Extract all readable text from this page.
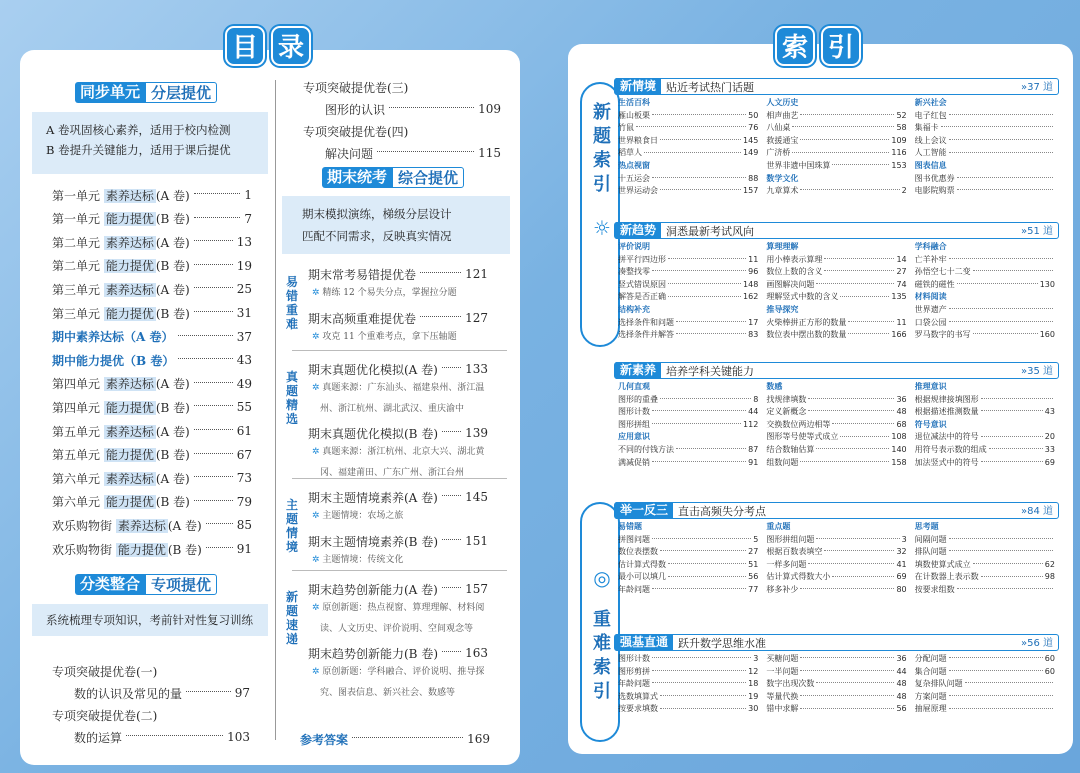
目 录
同步单元 分层提优
A 卷巩固核心素养，适用于校内检测
B 卷提升关键能力，适用于课后提优
第一单元 素养达标 (A 卷)	1
第一单元 能力提优 (B 卷)	7
第二单元 素养达标 (A 卷)	13
第二单元 能力提优 (B 卷)	19
第三单元 素养达标 (A 卷)	25
第三单元 能力提优 (B 卷)	31
期中素养达标（A 卷）	37
期中能力提优（B 卷）	43
第四单元 素养达标 (A 卷)	49
第四单元 能力提优 (B 卷)	55
第五单元 素养达标 (A 卷)	61
第五单元 能力提优 (B 卷)	67
第六单元 素养达标 (A 卷)	73
第六单元 能力提优 (B 卷)	79
欢乐购物街 素养达标 (A 卷)	85
欢乐购物街 能力提优 (B 卷)	91
分类整合 专项提优
系统梳理专项知识，考前针对性复习训练
专项突破提优卷(一)
数的认识及常见的量	97
专项突破提优卷(二)
数的运算	103
专项突破提优卷(三)
图形的认识	109
专项突破提优卷(四)
解决问题	115
期末统考 综合提优
期末模拟演练，梯级分层设计
匹配不同需求，反映真实情况
易
错
重
难
期末常考易错提优卷	121
✲ 精练 12 个易失分点，掌握拉分题
期末高频重难提优卷	127
✲ 攻克 11 个重难考点，拿下压轴题
真
题
精
选
期末真题优化模拟(A 卷) 133
✲ 真题来源：广东汕头、福建泉州、浙江温
州、浙江杭州、湖北武汉、重庆渝中
期末真题优化模拟(B 卷) 139
✲ 真题来源：浙江杭州、北京大兴、湖北黄
冈、福建莆田、广东广州、浙江台州
主
题
情
境
期末主题情境素养(A 卷) 145
✲ 主题情境：农场之旅
期末主题情境素养(B 卷) 151
✲ 主题情境：传统文化
新
题
速
递
期末趋势创新能力(A 卷) 157
✲ 原创新题：热点视窗、算理理解、材料阅
读、人文历史、评价说明、空间观念等
期末趋势创新能力(B 卷) 163
✲ 原创新题：学科融合、评价说明、推导探
究、图表信息、新兴社会、数感等
参考答案	169
索 引
☼
新
题
索
引
◎
重
难
索
引
新情境 贴近考试热门话题	»37 道
生活百科
雁山板栗	50
竹鼠	76
世界粮食日	145
稻草人	149
热点视窗
十五运会	88
世界运动会	157
人文历史
相声曲艺	52
八仙桌	58
救援通宝	109
广济桥	116
世界非遗中国珠算	153
数学文化
九章算术	2
新兴社会
电子红包
集福卡
线上会议
人工智能
图表信息
图书优惠券
电影院购票
新趋势 洞悉最新考试风向	»51 道
评价说明
拼平行四边形	11
凑整找零	96
竖式错误原因	148
解答是否正确	162
结构补充
选择条件和问题	17
选择条件并解答	83
算理理解
用小棒表示算理	14
数位上数的含义	27
画图解决问题	74
理解竖式中数的含义	135
推导探究
火柴棒拼正方形的数量	11
数位表中摆出数的数量	166
学科融合
亡羊补牢
孙悟空七十二变
磁铁的磁性	130
材料阅读
世界遗产
口袋公园
罗马数字的书写	160
新素养 培养学科关键能力	»35 道
几何直观
图形的重叠	8
图形计数	44
图形拼组	112
应用意识
不同的付钱方法	87
满减促销	91
数感
找规律填数	36
定义新概念	48
交换数位两边相等	68
图形等号使等式成立	108
结合数轴估算	140
组数问题	158
推理意识
根据规律接填图形
根据描述推测数量	43
符号意识
退位减法中的符号	20
用符号表示数的组成	33
加法竖式中的符号	69
举一反三 直击高频失分考点	»84 道
易错题
拼图问题	5
数位表摆数	27
估计算式得数	51
最小可以填几	56
年龄问题	77
重点题
图形拼组问题	3
根据百数表填空	32
一样多问题	41
估计算式得数大小	69
移多补少	80
思考题
间隔问题
排队问题
填数使算式成立	62
在计数器上表示数	98
按要求组数
强基直通 跃升数学思维水准	»56 道
图形计数	3
图形剪拼	12
年龄问题	18
选数填算式	19
按要求填数	30
买糖问题	36
一半问题	44
数字出现次数	48
等量代换	48
错中求解	56
分配问题	60
集合问题	60
复杂排队问题
方案问题
抽屉原理
